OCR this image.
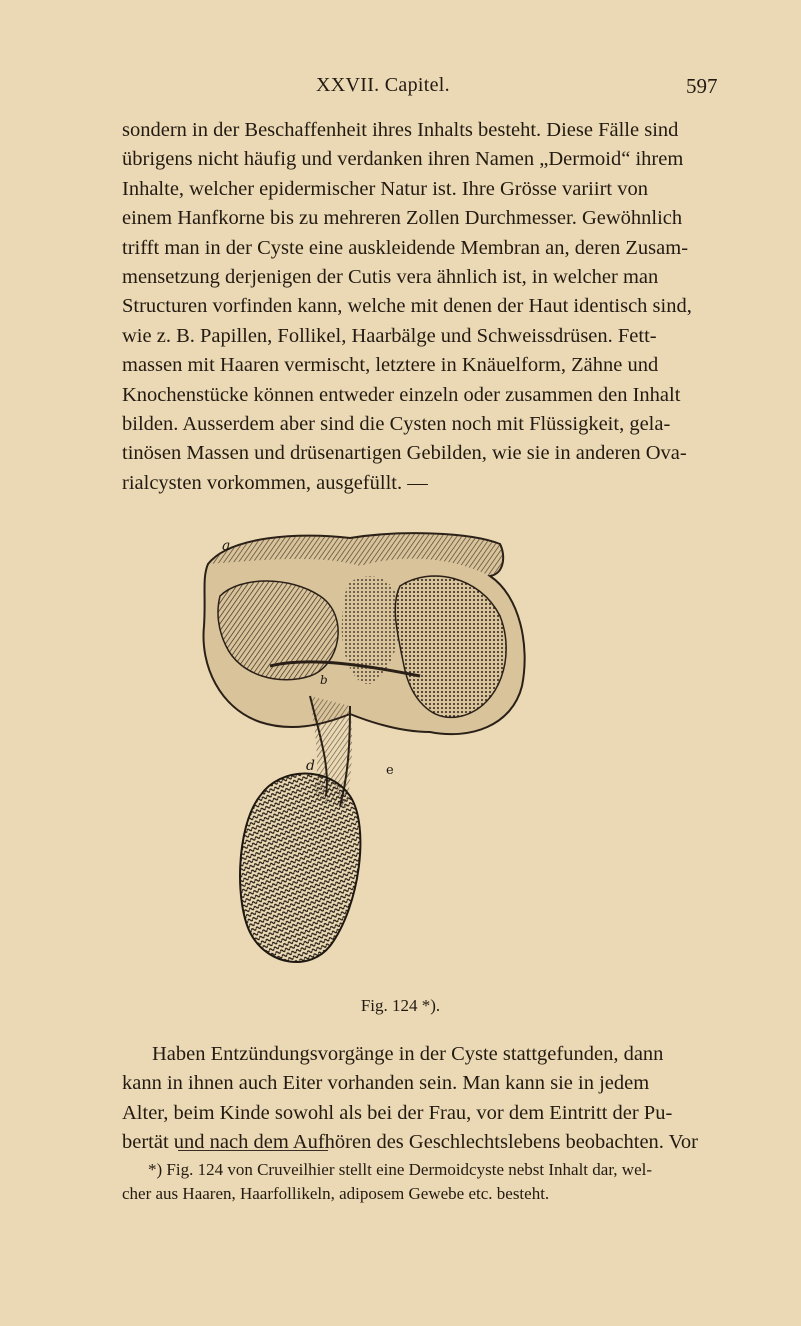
XXVII. Capitel.	597
sondern in der Beschaffenheit ihres Inhalts besteht. Diese Fälle sind
übrigens nicht häufig und verdanken ihren Namen „Dermoid“ ihrem
Inhalte, welcher epidermischer Natur ist. Ihre Grösse variirt von
einem Hanfkorne bis zu mehreren Zollen Durchmesser. Gewöhnlich
trifft man in der Cyste eine auskleidende Membran an, deren Zusam-
mensetzung derjenigen der Cutis vera ähnlich ist, in welcher man
Structuren vorfinden kann, welche mit denen der Haut identisch sind,
wie z. B. Papillen, Follikel, Haarbälge und Schweissdrüsen. Fett-
massen mit Haaren vermischt, letztere in Knäuelform, Zähne und
Knochenstücke können entweder einzeln oder zusammen den Inhalt
bilden. Ausserdem aber sind die Cysten noch mit Flüssigkeit, gela-
tinösen Massen und drüsenartigen Gebilden, wie sie in anderen Ova-
rialcysten vorkommen, ausgefüllt. —
a
b
d	e
Fig. 124 *).
Haben Entzündungsvorgänge in der Cyste stattgefunden, dann
kann in ihnen auch Eiter vorhanden sein. Man kann sie in jedem
Alter, beim Kinde sowohl als bei der Frau, vor dem Eintritt der Pu-
bertät und nach dem Aufhören des Geschlechtslebens beobachten. Vor
*) Fig. 124 von Cruveilhier stellt eine Dermoidcyste nebst Inhalt dar, wel-
cher aus Haaren, Haarfollikeln, adiposem Gewebe etc. besteht.
